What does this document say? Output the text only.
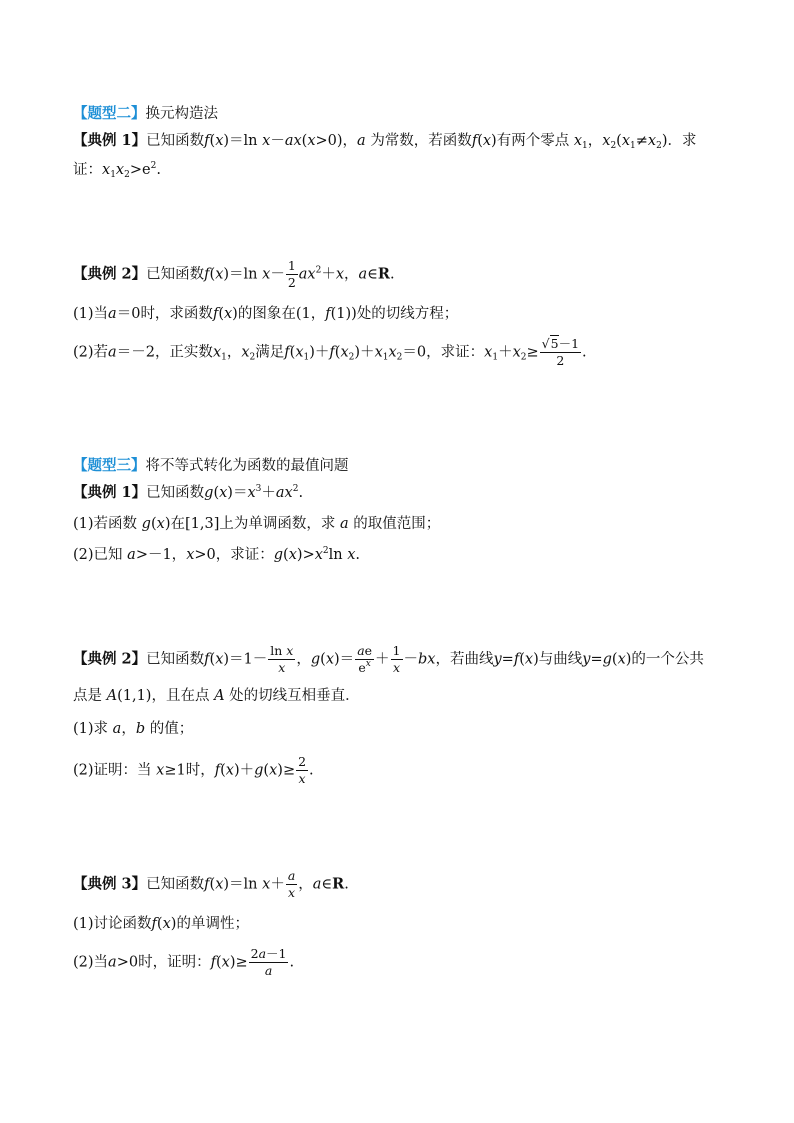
【题型二】换元构造法
【典例 1】已知函数f(x)＝ln x－ax(x>0)，a 为常数，若函数f(x)有两个零点 $x_1$，$x_2(x_1\ne x_2)$．求
证：$x_1x_2>e^2$.
【典例 2】已知函数f(x)＝ln $x- \frac{1}{2} ax^2+x$，a∈R.
(1)当a＝0时，求函数f(x)的图象在(1，f(1))处的切线方程；
(2)若a＝－2，正实数$x_1$，$x_2$满足$f(x_1)+f(x_2)+x_1x_2=0$，求证：$x_1+x_2\ge \frac{√5-1}{2}$ .
【题型三】将不等式转化为函数的最值问题
【典例 1】已知函数$g(x)=x^3+ax^2$.
(1)若函数 g(x)在[1,3]上为单调函数，求 a 的取值范围；
(2)已知 a>－1，x>0，求证：$g(x)>x^2\ln$ x.
【典例 2】已知函数$f(x)=1- \frac{\text{ln x}}{x}$ ，$g(x)= \frac{ae}{e^x} + \frac{1}{x} -bx$，若曲线y=f(x)与曲线y=g(x)的一个公共
点是 A(1,1)，且在点 A 处的切线互相垂直．
(1)求 a，b 的值；
(2)证明：当 x≥1时，$f(x)+g(x)\ge \frac{2}{x}$ .
【典例 3】已知函数f(x)＝ln $x+ \frac{a}{x}$ ，a∈R.
(1)讨论函数f(x)的单调性；
(2)当a>0时，证明：$f(x)\ge \frac{2a-1}{a}$ .
